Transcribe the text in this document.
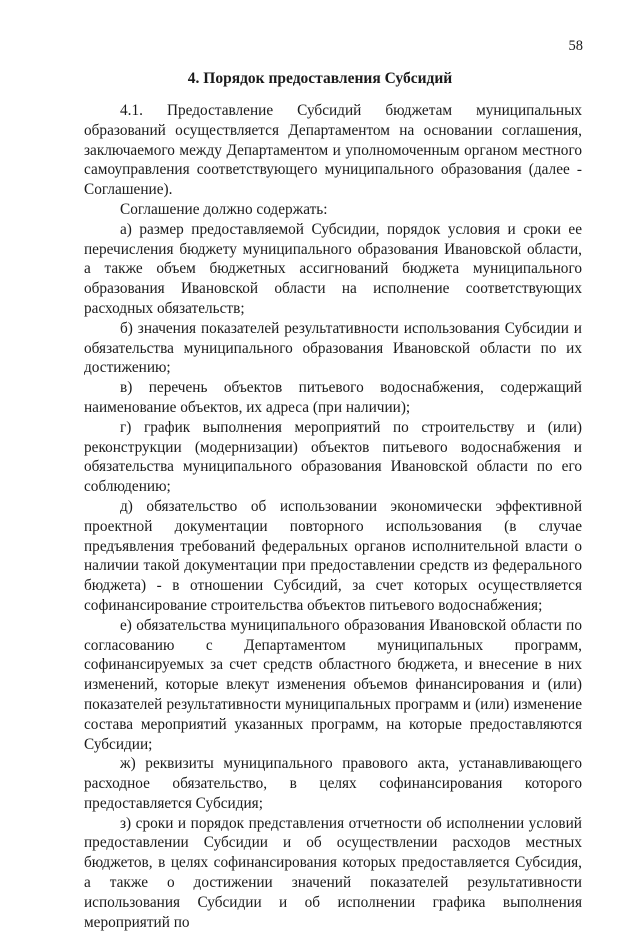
58
4. Порядок предоставления Субсидий

4.1. Предоставление Субсидий бюджетам муниципальных образований осуществляется Департаментом на основании соглашения, заключаемого между Департаментом и уполномоченным органом местного самоуправления соответствующего муниципального образования (далее - Соглашение).

Соглашение должно содержать:

а) размер предоставляемой Субсидии, порядок условия и сроки ее перечисления бюджету муниципального образования Ивановской области, а также объем бюджетных ассигнований бюджета муниципального образования Ивановской области на исполнение соответствующих расходных обязательств;

б) значения показателей результативности использования Субсидии и обязательства муниципального образования Ивановской области по их достижению;

в) перечень объектов питьевого водоснабжения, содержащий наименование объектов, их адреса (при наличии);

г) график выполнения мероприятий по строительству и (или) реконструкции (модернизации) объектов питьевого водоснабжения и обязательства муниципального образования Ивановской области по его соблюдению;

д) обязательство об использовании экономически эффективной проектной документации повторного использования (в случае предъявления требований федеральных органов исполнительной власти о наличии такой документации при предоставлении средств из федерального бюджета) - в отношении Субсидий, за счет которых осуществляется софинансирование строительства объектов питьевого водоснабжения;

е) обязательства муниципального образования Ивановской области по согласованию с Департаментом муниципальных программ, софинансируемых за счет средств областного бюджета, и внесение в них изменений, которые влекут изменения объемов финансирования и (или) показателей результативности муниципальных программ и (или) изменение состава мероприятий указанных программ, на которые предоставляются Субсидии;

ж) реквизиты муниципального правового акта, устанавливающего расходное обязательство, в целях софинансирования которого предоставляется Субсидия;

з) сроки и порядок представления отчетности об исполнении условий предоставлении Субсидии и об осуществлении расходов местных бюджетов, в целях софинансирования которых предоставляется Субсидия, а также о достижении значений показателей результативности использования Субсидии и об исполнении графика выполнения мероприятий по
